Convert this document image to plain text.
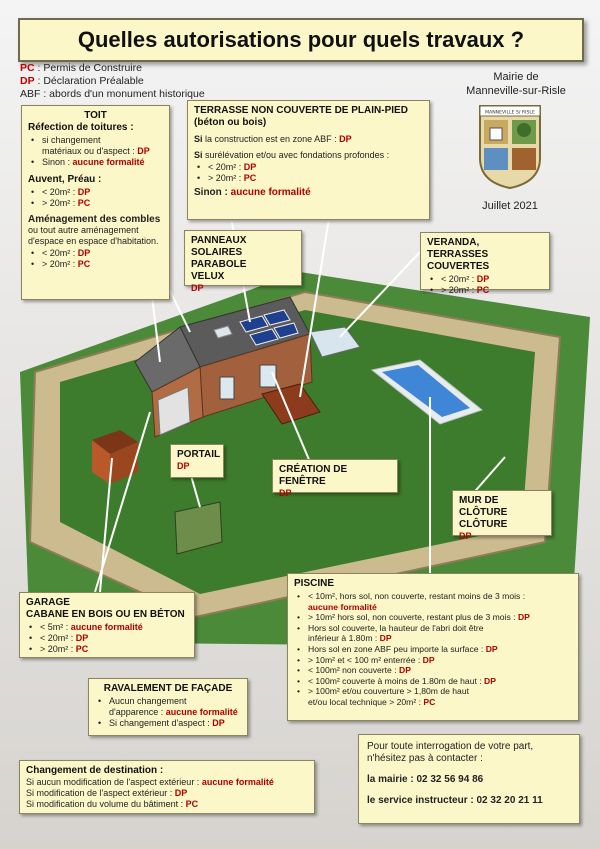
Quelles autorisations pour quels travaux ?
PC : Permis de Construire
DP : Déclaration Préalable
ABF : abords d'un monument historique
Mairie de
Manneville-sur-Risle
MANNEVILLE S/ RISLE
Juillet 2021
TOIT
Réfection de toitures :
• si changement
matériaux ou d'aspect : DP
• Sinon : aucune formalité
Auvent, Préau :
• < 20m² : DP
• > 20m² : PC
Aménagement des combles ou tout autre aménagement d'espace en espace d'habitation.
• < 20m² : DP
• > 20m² : PC
TERRASSE NON COUVERTE DE PLAIN-PIED
(béton ou bois)
Si la construction est en zone ABF : DP
Si surélévation et/ou avec fondations profondes :
• < 20m² : DP
• > 20m² : PC
Sinon : aucune formalité
PANNEAUX SOLAIRES
PARABOLE
VELUX
DP
VERANDA,
TERRASSES COUVERTES
• < 20m² : DP
• > 20m² : PC
PORTAIL
DP	CRÉATION DE FENÊTRE
DP
MUR DE CLÔTURE
CLÔTURE
DP
GARAGE
CABANE EN BOIS OU EN BÉTON
• < 5m² : aucune formalité
• < 20m² : DP
• > 20m² : PC
PISCINE
• < 10m², hors sol, non couverte, restant moins de 3 mois :
aucune formalité
• > 10m² hors sol, non couverte, restant plus de 3 mois : DP
• Hors sol couverte, la hauteur de l'abri doit être
inférieur à 1.80m : DP
• Hors sol en zone ABF peu importe la surface : DP
• > 10m² et < 100 m² enterrée : DP
• < 100m² non couverte : DP
• < 100m² couverte à moins de 1.80m de haut : DP
• > 100m² et/ou couverture > 1,80m de haut
et/ou local technique > 20m² : PC
RAVALEMENT DE FAÇADE
• Aucun changement
d'apparence : aucune formalité
• Si changement d'aspect : DP
Changement de destination :
Si aucun modification de l'aspect extérieur : aucune formalité
Si modification de l'aspect extérieur : DP
Si modification du volume du bâtiment : PC
Pour toute interrogation de votre part,
n'hésitez pas à contacter :
la mairie : 02 32 56 94 86
le service instructeur : 02 32 20 21 11
